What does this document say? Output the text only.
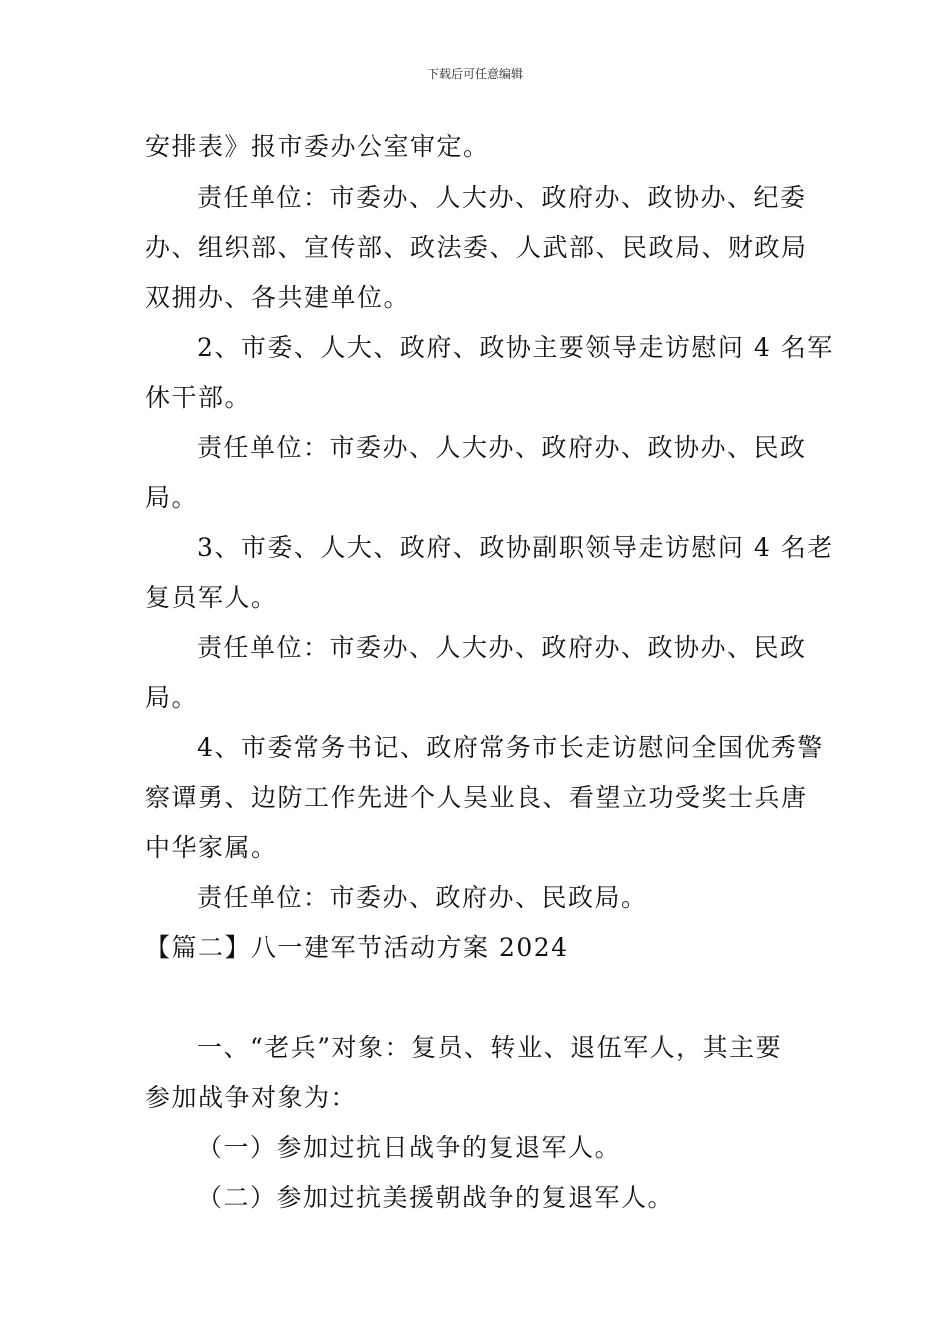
下载后可任意编辑
安排表》报市委办公室审定。
责任单位：市委办、人大办、政府办、政协办、纪委
办、组织部、宣传部、政法委、人武部、民政局、财政局
双拥办、各共建单位。
2、市委、人大、政府、政协主要领导走访慰问 4 名军
休干部。
责任单位：市委办、人大办、政府办、政协办、民政
局。
3、市委、人大、政府、政协副职领导走访慰问 4 名老
复员军人。
责任单位：市委办、人大办、政府办、政协办、民政
局。
4、市委常务书记、政府常务市长走访慰问全国优秀警
察谭勇、边防工作先进个人吴业良、看望立功受奖士兵唐
中华家属。
责任单位：市委办、政府办、民政局。
【篇二】八一建军节活动方案 2024
一、“老兵”对象：复员、转业、退伍军人，其主要
参加战争对象为：
（一）参加过抗日战争的复退军人。
（二）参加过抗美援朝战争的复退军人。
